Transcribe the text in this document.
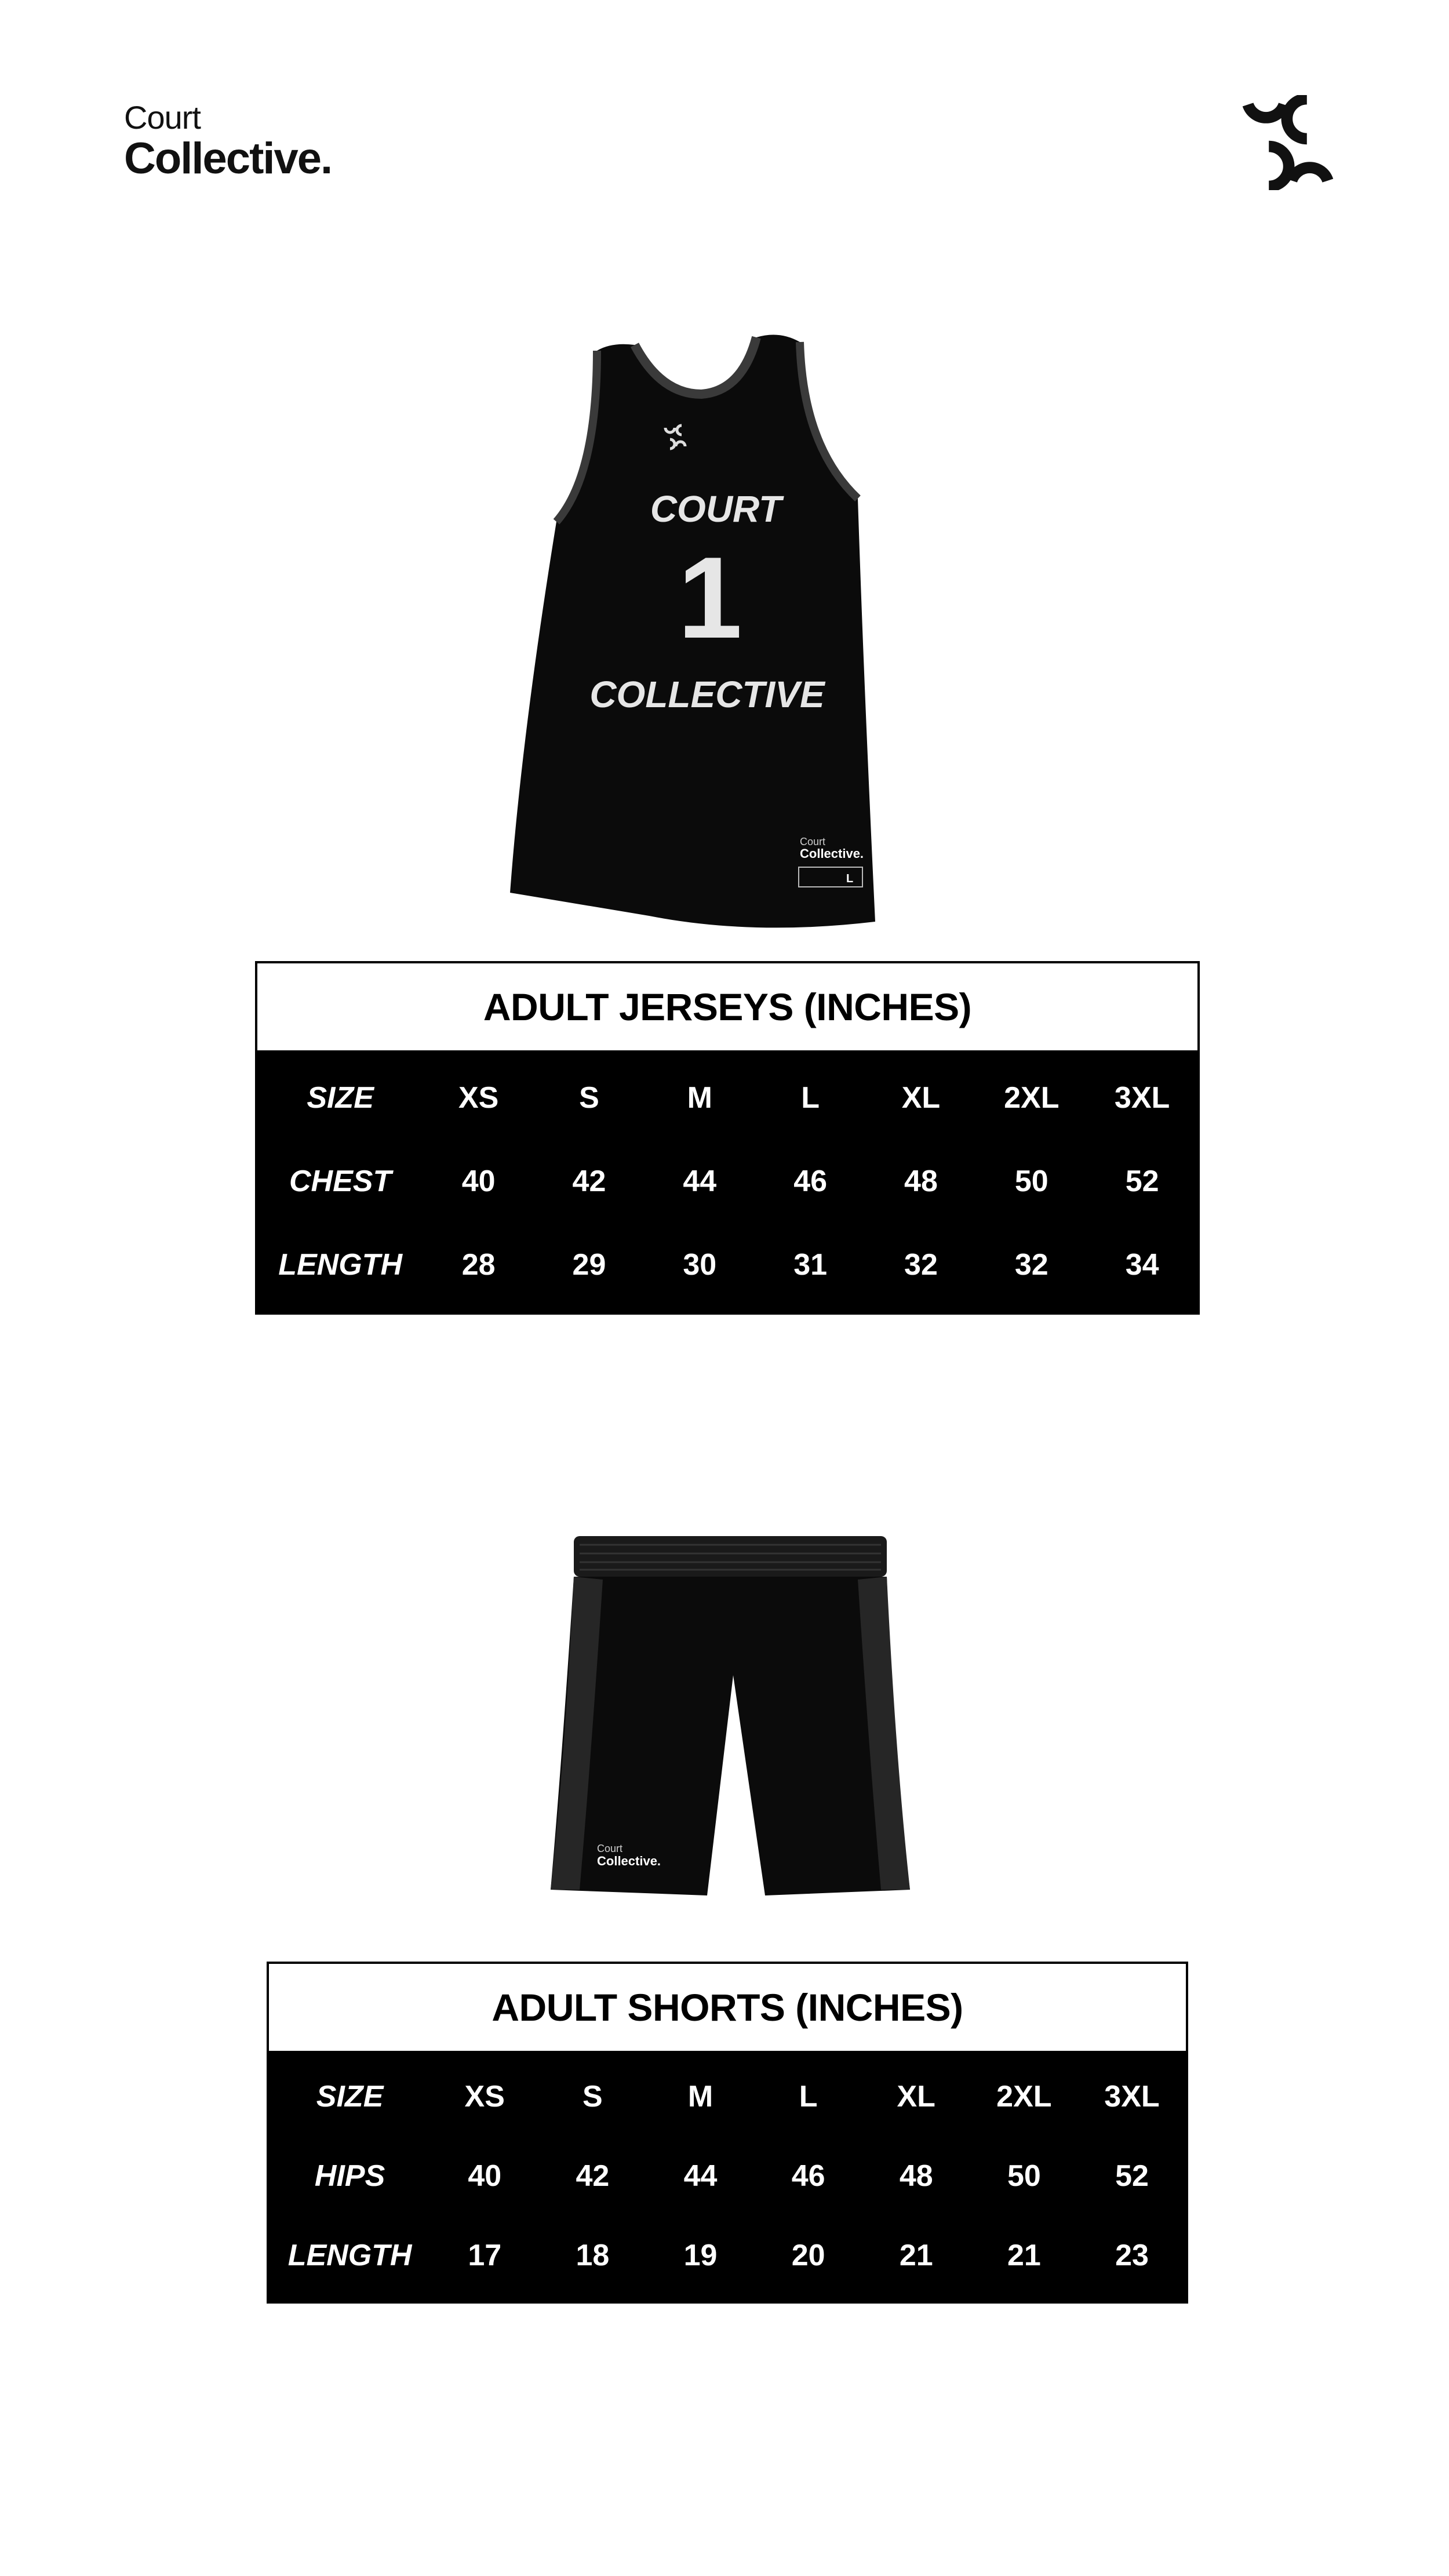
Court
Collective.
COURT
1
COLLECTIVE
Court
Collective.
L
ADULT JERSEYS (INCHES)
SIZE	XS	S	M	L	XL	2XL	3XL
CHEST	40	42	44	46	48	50	52
LENGTH	28	29	30	31	32	32	34
Court
Collective.
ADULT SHORTS (INCHES)
SIZE	XS	S	M	L	XL	2XL	3XL
HIPS	40	42	44	46	48	50	52
LENGTH	17	18	19	20	21	21	23
